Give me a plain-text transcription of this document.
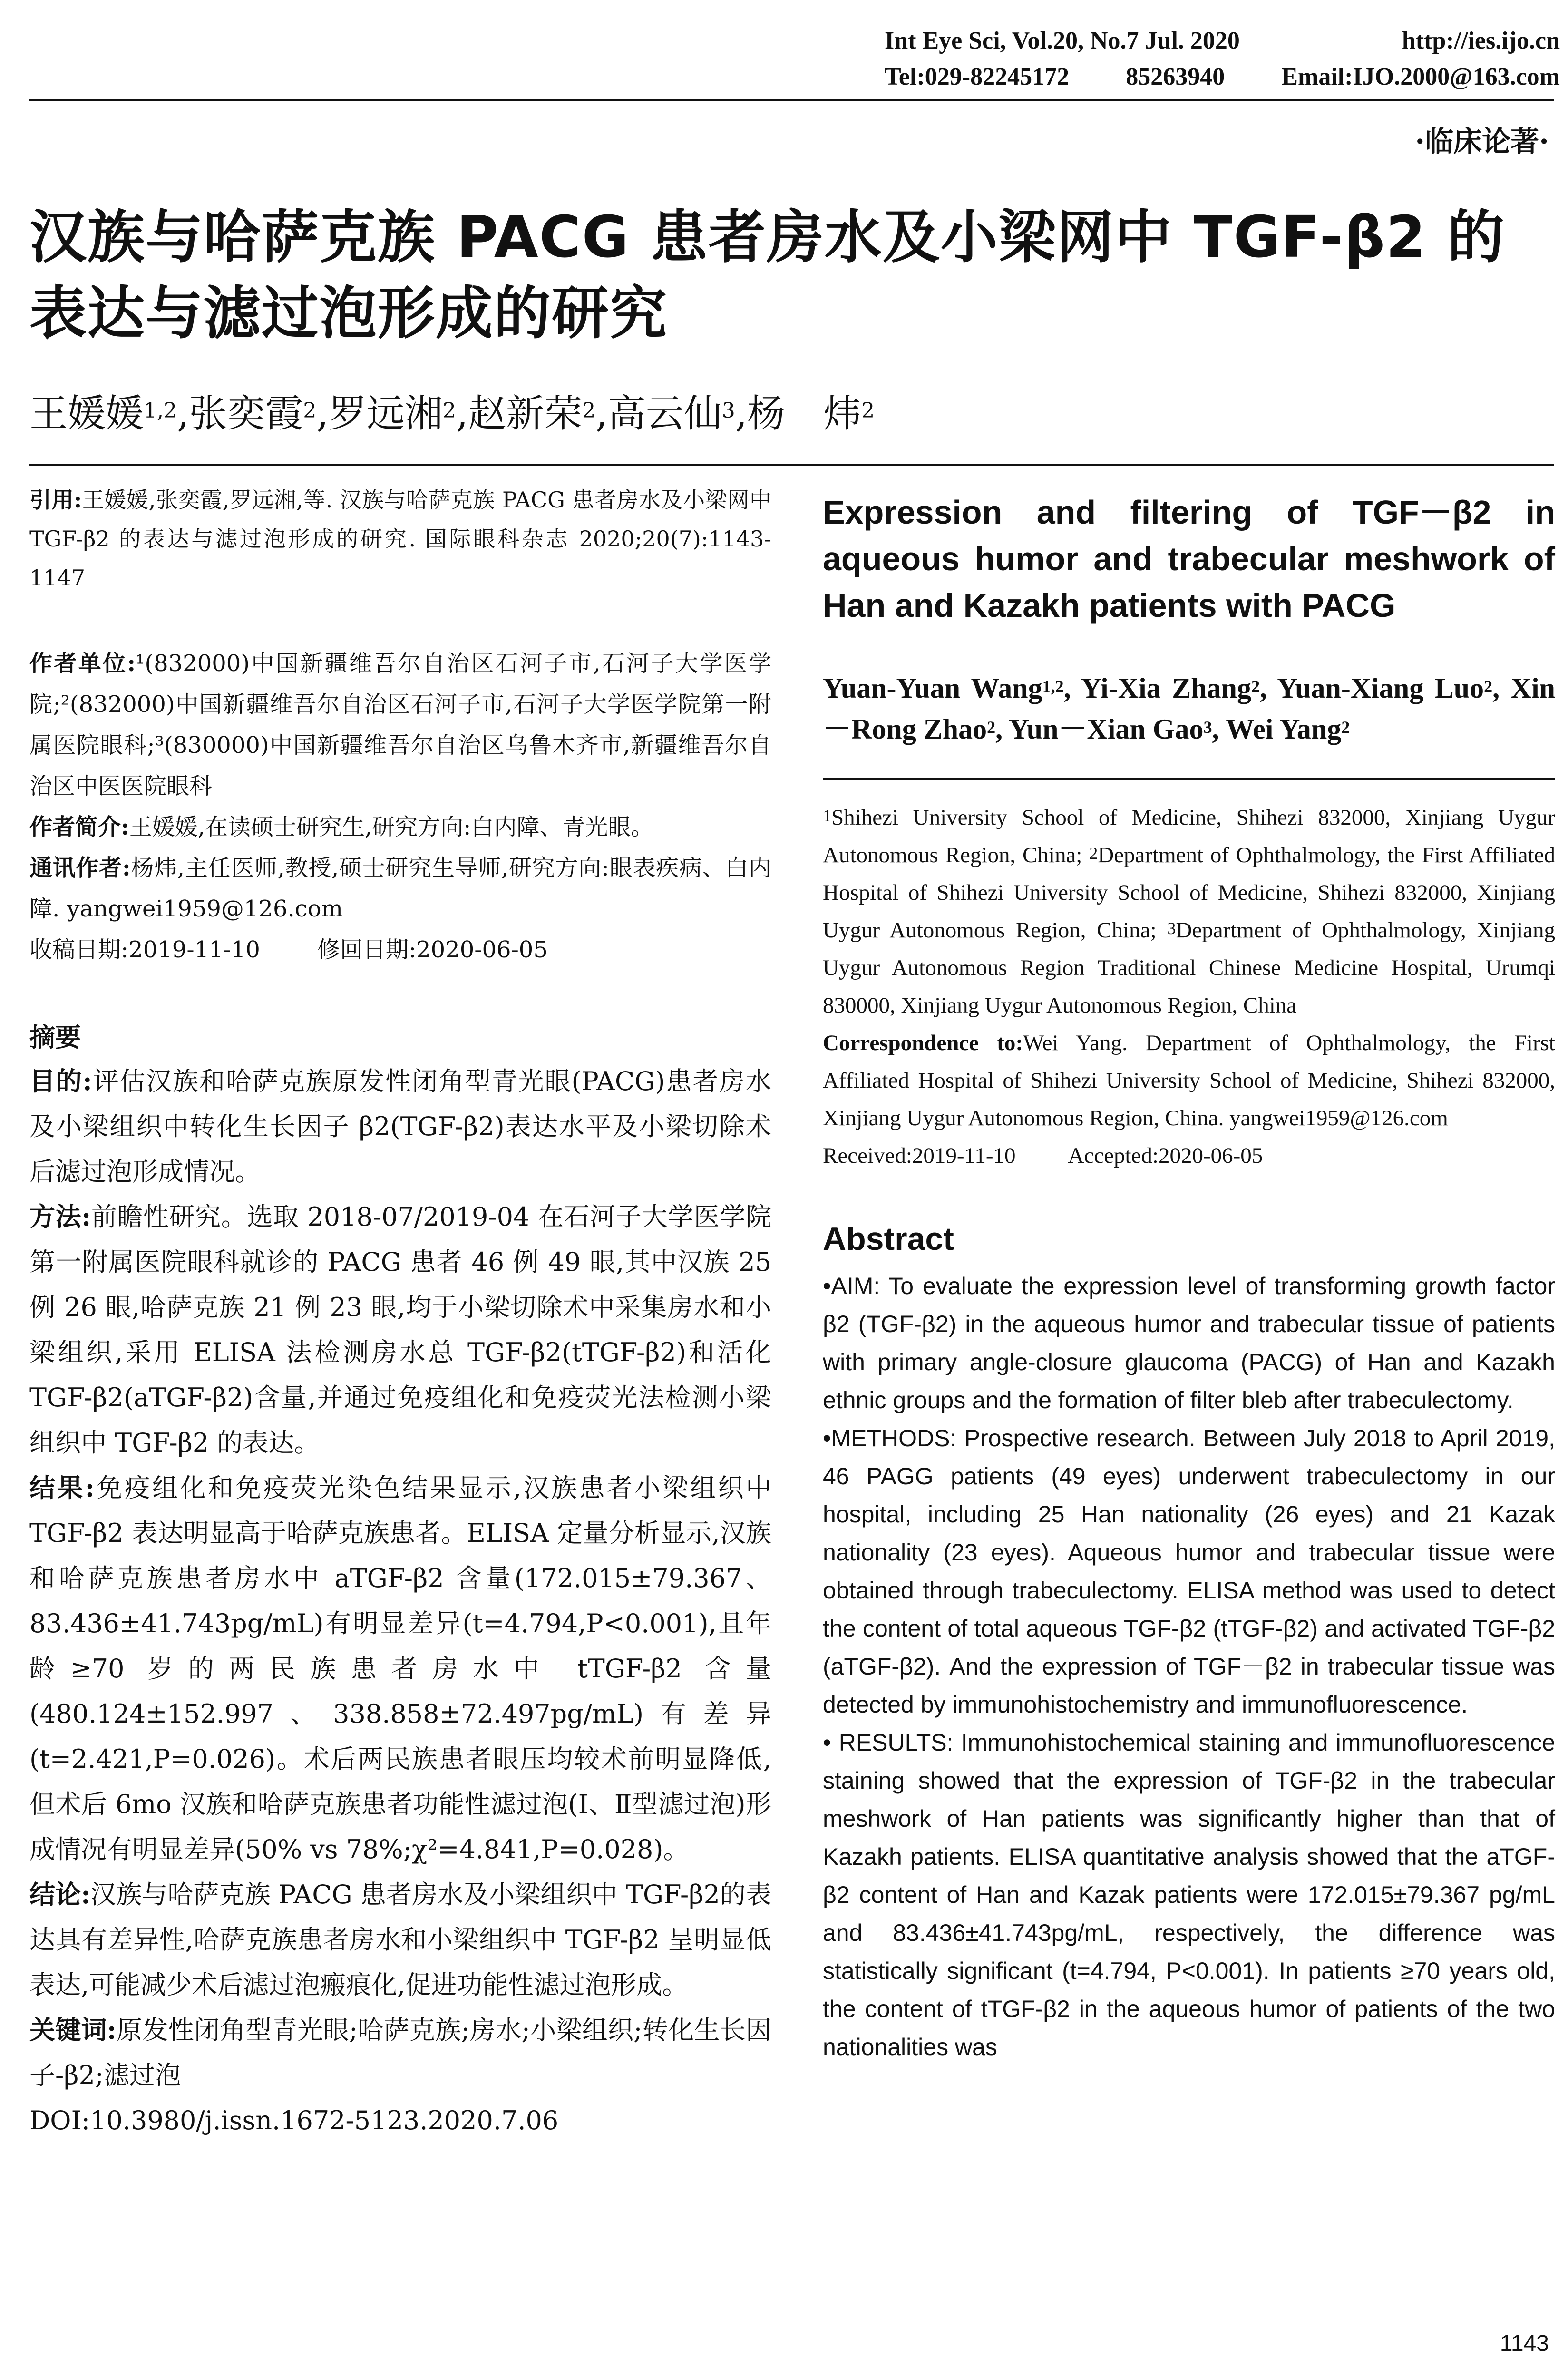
Int Eye Sci, Vol.20, No.7 Jul. 2020	http://ies.ijo.cn
Tel:029-82245172 85263940 Email:IJO.2000@163.com
·临床论著·
汉族与哈萨克族 PACG 患者房水及小梁网中 TGF-β2 的
表达与滤过泡形成的研究
王媛媛$^{1,2}$,张奕霞$^2$,罗远湘$^2$,赵新荣$^2$,高云仙$^3$,杨　炜$^2$

引用:王媛媛,张奕霞,罗远湘,等. 汉族与哈萨克族 PACG 患者房水及小梁网中 TGF-β2 的表达与滤过泡形成的研究. 国际眼科杂志 2020;20(7):1143-1147

作者单位:¹(832000)中国新疆维吾尔自治区石河子市,石河子大学医学院;²(832000)中国新疆维吾尔自治区石河子市,石河子大学医学院第一附属医院眼科;³(830000)中国新疆维吾尔自治区乌鲁木齐市,新疆维吾尔自治区中医医院眼科

作者简介:王媛媛,在读硕士研究生,研究方向:白内障、青光眼。

通讯作者:杨炜,主任医师,教授,硕士研究生导师,研究方向:眼表疾病、白内障. yangwei1959@126.com

收稿日期:2019-11-10	修回日期:2020-06-05

摘要

目的:评估汉族和哈萨克族原发性闭角型青光眼(PACG)患者房水及小梁组织中转化生长因子 β2(TGF-β2)表达水平及小梁切除术后滤过泡形成情况。

方法:前瞻性研究。选取 2018-07/2019-04 在石河子大学医学院第一附属医院眼科就诊的 PACG 患者 46 例 49 眼,其中汉族 25 例 26 眼,哈萨克族 21 例 23 眼,均于小梁切除术中采集房水和小梁组织,采用 ELISA 法检测房水总 TGF-β2(tTGF-β2)和活化 TGF-β2(aTGF-β2)含量,并通过免疫组化和免疫荧光法检测小梁组织中 TGF-β2 的表达。

结果:免疫组化和免疫荧光染色结果显示,汉族患者小梁组织中 TGF-β2 表达明显高于哈萨克族患者。ELISA 定量分析显示,汉族和哈萨克族患者房水中 aTGF-β2 含量(172.015±79.367、83.436±41.743pg/mL)有明显差异(t=4.794,P<0.001),且年龄≥70 岁的两民族患者房水中 tTGF-β2 含量(480.124±152.997、338.858±72.497pg/mL)有差异(t=2.421,P=0.026)。术后两民族患者眼压均较术前明显降低,但术后 6mo 汉族和哈萨克族患者功能性滤过泡(Ⅰ、Ⅱ型滤过泡)形成情况有明显差异(50% vs 78%;χ²=4.841,P=0.028)。

结论:汉族与哈萨克族 PACG 患者房水及小梁组织中 TGF-β2的表达具有差异性,哈萨克族患者房水和小梁组织中 TGF-β2 呈明显低表达,可能减少术后滤过泡瘢痕化,促进功能性滤过泡形成。

关键词:原发性闭角型青光眼;哈萨克族;房水;小梁组织;转化生长因子-β2;滤过泡

DOI:10.3980/j.issn.1672-5123.2020.7.06

Expression and filtering of TGF－β2 in aqueous humor and trabecular meshwork of Han and Kazakh patients with PACG

Yuan-Yuan Wang$^{1,2}$, Yi-Xia Zhang$^2$, Yuan-Xiang Luo$^2$, Xin－Rong Zhao$^2$, Yun－Xian Gao$^3$, Wei Yang$^2$

$^1$Shihezi University School of Medicine, Shihezi 832000, Xinjiang Uygur Autonomous Region, China; $^2$Department of Ophthalmology, the First Affiliated Hospital of Shihezi University School of Medicine, Shihezi 832000, Xinjiang Uygur Autonomous Region, China; $^3$Department of Ophthalmology, Xinjiang Uygur Autonomous Region Traditional Chinese Medicine Hospital, Urumqi 830000, Xinjiang Uygur Autonomous Region, China

Correspondence to:Wei Yang. Department of Ophthalmology, the First Affiliated Hospital of Shihezi University School of Medicine, Shihezi 832000, Xinjiang Uygur Autonomous Region, China. yangwei1959@126.com

Received:2019-11-10 Accepted:2020-06-05

Abstract

•AIM: To evaluate the expression level of transforming growth factor β2 (TGF-β2) in the aqueous humor and trabecular tissue of patients with primary angle-closure glaucoma (PACG) of Han and Kazakh ethnic groups and the formation of filter bleb after trabeculectomy.

•METHODS: Prospective research. Between July 2018 to April 2019, 46 PAGG patients (49 eyes) underwent trabeculectomy in our hospital, including 25 Han nationality (26 eyes) and 21 Kazak nationality (23 eyes). Aqueous humor and trabecular tissue were obtained through trabeculectomy. ELISA method was used to detect the content of total aqueous TGF-β2 (tTGF-β2) and activated TGF-β2 (aTGF-β2). And the expression of TGF－β2 in trabecular tissue was detected by immunohistochemistry and immunofluorescence.

• RESULTS: Immunohistochemical staining and immunofluorescence staining showed that the expression of TGF-β2 in the trabecular meshwork of Han patients was significantly higher than that of Kazakh patients. ELISA quantitative analysis showed that the aTGF-β2 content of Han and Kazak patients were 172.015±79.367 pg/mL and 83.436±41.743pg/mL, respectively, the difference was statistically significant (t=4.794, P<0.001). In patients ≥70 years old, the content of tTGF-β2 in the aqueous humor of patients of the two nationalities was

1143
